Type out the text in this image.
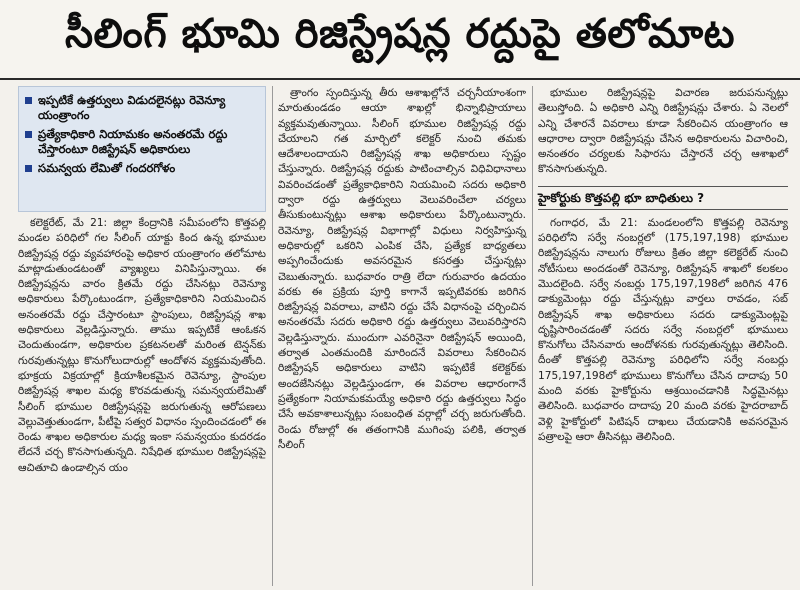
సీలింగ్ భూమి రిజిస్ట్రేషన్ల రద్దుపై తలోమాట
ఇప్పటికే ఉత్తర్వులు విడుదలైనట్లు రెవెన్యూ యంత్రాంగం
ప్రత్యేకాధికారి నియామకం అనంతరమే రద్దు చేస్తారంటూ రిజిస్ట్రేషన్ అధికారులు
సమన్వయ లేమితో గందరగోళం

కలెక్టరేట్, మే 21: జిల్లా కేంద్రానికి సమీపంలోని కొత్తపల్లి మండల పరిధిలో గల సీలింగ్ యాక్టు కింద ఉన్న భూముల రిజిస్ట్రేషన్ల రద్దు వ్యవహారంపై అధికార యంత్రాంగం తలోమాట మాట్లాడుతుండటంతో వ్యాఖ్యలు వినిపిస్తున్నాయి. ఈ రిజిస్ట్రేషన్లను వారం క్రితమే రద్దు చేసినట్లు రెవెన్యూ అధికారులు పేర్కొంటుండగా, ప్రత్యేకాధికారిని నియమించిన అనంతరమే రద్దు చేస్తారంటూ స్టాంపులు, రిజిస్ట్రేషన్ల శాఖ అధికారులు వెల్లడిస్తున్నారు. తాము ఇప్పటికే ఆంఓకన చెందుతుండగా, అధికారుల ప్రకటనలతో మరింత టెన్షన్‌కు గురవుతున్నట్లు కొనుగోలుదారుల్లో ఆందోళన వ్యక్తమవుతోంది. భూక్రయ విక్రయాల్లో క్రియాశీలకమైన రెవెన్యూ, స్టాంపుల రిజిస్ట్రేషన్ల శాఖల మధ్య కొరవడుతున్న సమన్వయలేమితో సీలింగ్ భూముల రిజిస్ట్రేషన్లపై జరుగుతున్న ఆరోపణలు వెల్లువెత్తుతుండగా, పీటీపై సత్వర విధానం స్పందించడంలో ఈ రెండు శాఖల అధికారుల మధ్య ఇంకా సమన్వయం కుదరడం లేదనే చర్చ కొనసాగుతున్నది. నిషేధిత భూముల రిజిస్ట్రేషన్లపై ఆచితూచి ఉండాల్సిన యం

త్రాంగం స్పందిస్తున్న తీరు ఆశాఖల్లోనే చర్చనీయాంశంగా మారుతుండడం ఆయా శాఖల్లో భిన్నాభిప్రాయాలు వ్యక్తమవుతున్నాయి. సీలింగ్ భూముల రిజిస్ట్రేషన్ల రద్దు చేయాలని గత మార్చిలో కలెక్టర్ నుంచి తమకు ఆదేశాలందాయని రిజిస్ట్రేషన్ల శాఖ అధికారులు స్పష్టం చేస్తున్నారు. రిజిస్ట్రేషన్ల రద్దుకు పాటించాల్సిన విధివిధానాలు వివరించడంతో ప్రత్యేకాధికారిని నియమించి సదరు అధికారి ద్వారా రద్దు ఉత్తర్వులు వెలువరించేలా చర్యలు తీసుకుంటున్నట్లు ఆశాఖ అధికారులు పేర్కొంటున్నారు. రెవెన్యూ, రిజిస్ట్రేషన్ల విభాగాల్లో విధులు నిర్వహిస్తున్న అధికారుల్లో ఒకరిని ఎంపిక చేసి, ప్రత్యేక బాధ్యతలు అప్పగించేందుకు అవసరమైన కసరత్తు చేస్తున్నట్లు చెబుతున్నారు. బుధవారం రాత్రి లేదా గురువారం ఉదయం వరకు ఈ ప్రక్రియ పూర్తి కాగానే ఇప్పటివరకు జరిగిన రిజిస్ట్రేషన్ల వివరాలు, వాటిని రద్దు చేసే విధానంపై చర్చించిన అనంతరమే సదరు అధికారి రద్దు ఉత్తర్వులు వెలువరిస్తారని వెల్లడిస్తున్నారు. ముందుగా ఎవరినైనా రిజిస్ట్రేషన్ అయింది, తర్వాత ఎంతమందికి మారిందనే వివరాలు సేకరించిన రిజిస్ట్రేషన్ అధికారులు వాటిని ఇప్పటికే కలెక్టర్‌కు అందజేసినట్లు వెల్లడిస్తుండగా, ఈ వివరాల ఆధారంగానే ప్రత్యేకంగా నియామకమయ్యే అధికారి రద్దు ఉత్తర్వులు సిద్ధం చేసే అవకాశాలున్నట్లు సంబంధిత వర్గాల్లో చర్చ జరుగుతోంది. రెండు రోజుల్లో ఈ తతంగానికి ముగింపు పలికి, తర్వాత సీలింగ్

భూముల రిజిస్ట్రేషన్లపై విచారణ జరుపనున్నట్లు తెలుస్తోంది. ఏ అధికారి ఎన్ని రిజిస్ట్రేషన్లు చేశారు. ఏ నెలలో ఎన్ని చేశారనే వివరాలు కూడా సేకరించిన యంత్రాంగం ఆ ఆధారాల ద్వారా రిజిస్ట్రేషన్లు చేసిన అధికారులను విచారించి, అనంతరం చర్యలకు సిఫారసు చేస్తారనే చర్చ ఆశాఖలో కొనసాగుతున్నది.

హైకోర్టుకు కొత్తపల్లి భూ బాధితులు ?

గంగాధర, మే 21: మండలంలోని కొత్తపల్లి రెవెన్యూ పరిధిలోని సర్వే నంబర్లలో (175,197,198) భూముల రిజిస్ట్రేషన్లను నాలుగు రోజులు క్రితం జిల్లా కలెక్టరేట్ నుంచి నోటీసులు అందడంతో రెవెన్యూ, రిజిస్ట్రేషన్ శాఖలో కలకలం మొదలైంది. సర్వే నంబర్లు 175,197,198లో జరిగిన 476 డాక్యుమెంట్లు రద్దు చేస్తున్నట్లు వార్తలు రావడం, సబ్ రిజిస్ట్రేషన్ శాఖ అధికారులు సదరు డాక్యుమెంట్లపై దృష్టిసారించడంతో సదరు సర్వే నంబర్లలో భూములు కొనుగోలు చేసినవారు ఆందోళనకు గురవుతున్నట్లు తెలిసింది. దీంతో కొత్తపల్లి రెవెన్యూ పరిధిలోని సర్వే నంబర్లు 175,197,198లో భూములు కొనుగోలు చేసిన దాదాపు 50 మంది వరకు హైకోర్టును ఆశ్రయించడానికి సిద్ధమైనట్లు తెలిసింది. బుధవారం దాదాపు 20 మంది వరకు హైదరాబాద్ వెళ్లి హైకోర్టులో పిటిషన్ దాఖలు చేయడానికి అవసరమైన పత్రాలపై ఆరా తీసినట్లు తెలిసింది.
